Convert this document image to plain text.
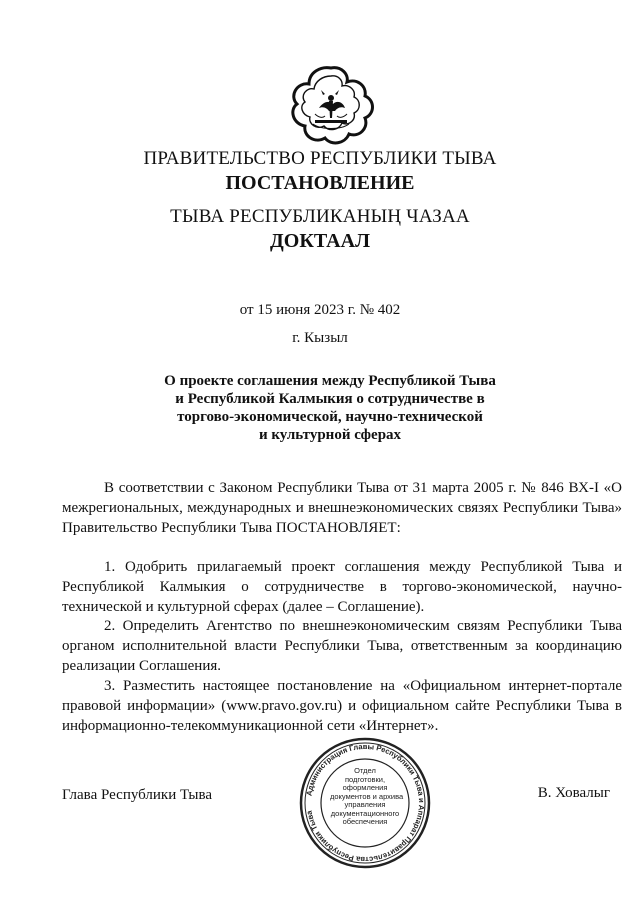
ПРАВИТЕЛЬСТВО РЕСПУБЛИКИ ТЫВА
ПОСТАНОВЛЕНИЕ
ТЫВА РЕСПУБЛИКАНЫҢ ЧАЗАА
ДОКТААЛ
от 15 июня 2023 г. № 402
г. Кызыл
О проекте соглашения между Республикой Тыва
и Республикой Калмыкия о сотрудничестве в
торгово-экономической, научно-технической
и культурной сферах

В соответствии с Законом Республики Тыва от 31 марта 2005 г. № 846 ВХ-I «О межрегиональных, международных и внешнеэкономических связях Республики Тыва» Правительство Республики Тыва ПОСТАНОВЛЯЕТ:

1. Одобрить прилагаемый проект соглашения между Республикой Тыва и Республикой Калмыкия о сотрудничестве в торгово-экономической, научно-технической и культурной сферах (далее – Соглашение).

2. Определить Агентство по внешнеэкономическим связям Республики Тыва органом исполнительной власти Республики Тыва, ответственным за координацию реализации Соглашения.

3. Разместить настоящее постановление на «Официальном интернет-портале правовой информации» (www.pravo.gov.ru) и официальном сайте Республики Тыва в информационно-телекоммуникационной сети «Интернет».

Глава Республики Тыва	В. Ховалыг
Администрация Главы Республики Тыва и Аппарат Правительства Республики Тыва
Отдел
подготовки,
оформления
документов и архива
управления
документационного
обеспечения
